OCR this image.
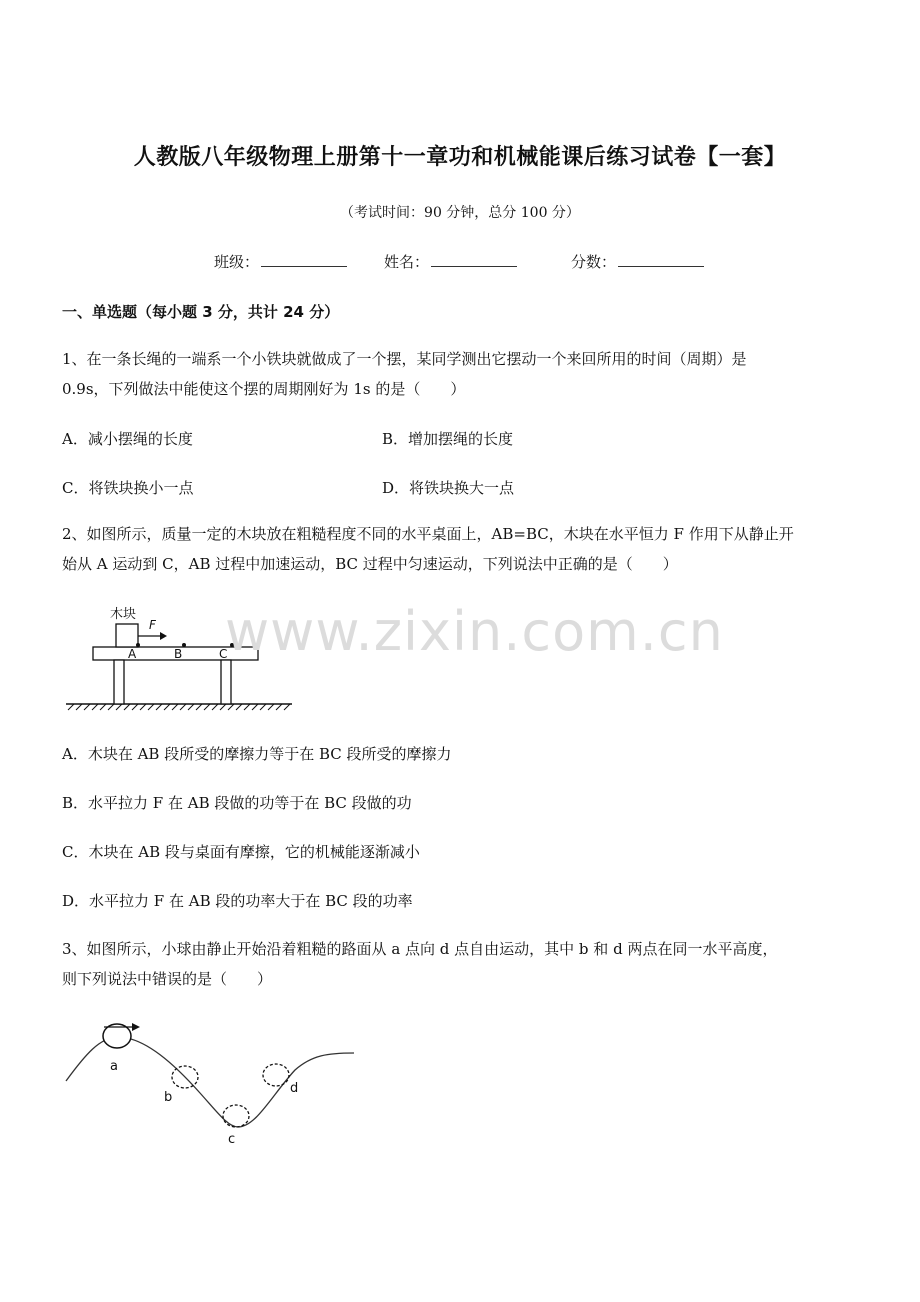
人教版八年级物理上册第十一章功和机械能课后练习试卷【一套】
（考试时间：90 分钟，总分 100 分）
班级：	姓名：	分数：
一、单选题（每小题 3 分，共计 24 分）
1、在一条长绳的一端系一个小铁块就做成了一个摆，某同学测出它摆动一个来回所用的时间（周期）是
0.9s，下列做法中能使这个摆的周期刚好为 1s 的是（　　）
A．减小摆绳的长度	B．增加摆绳的长度
C．将铁块换小一点	D．将铁块换大一点
2、如图所示，质量一定的木块放在粗糙程度不同的水平桌面上，AB=BC，木块在水平恒力 F 作用下从静止开
始从 A 运动到 C，AB 过程中加速运动，BC 过程中匀速运动，下列说法中正确的是（　　）
木块
F
A	B	C
www.zixin.com.cn
A．木块在 AB 段所受的摩擦力等于在 BC 段所受的摩擦力
B．水平拉力 F 在 AB 段做的功等于在 BC 段做的功
C．木块在 AB 段与桌面有摩擦，它的机械能逐渐减小
D．水平拉力 F 在 AB 段的功率大于在 BC 段的功率
3、如图所示，小球由静止开始沿着粗糙的路面从 a 点向 d 点自由运动，其中 b 和 d 两点在同一水平高度，
则下列说法中错误的是（　　）
a
b
c
d
